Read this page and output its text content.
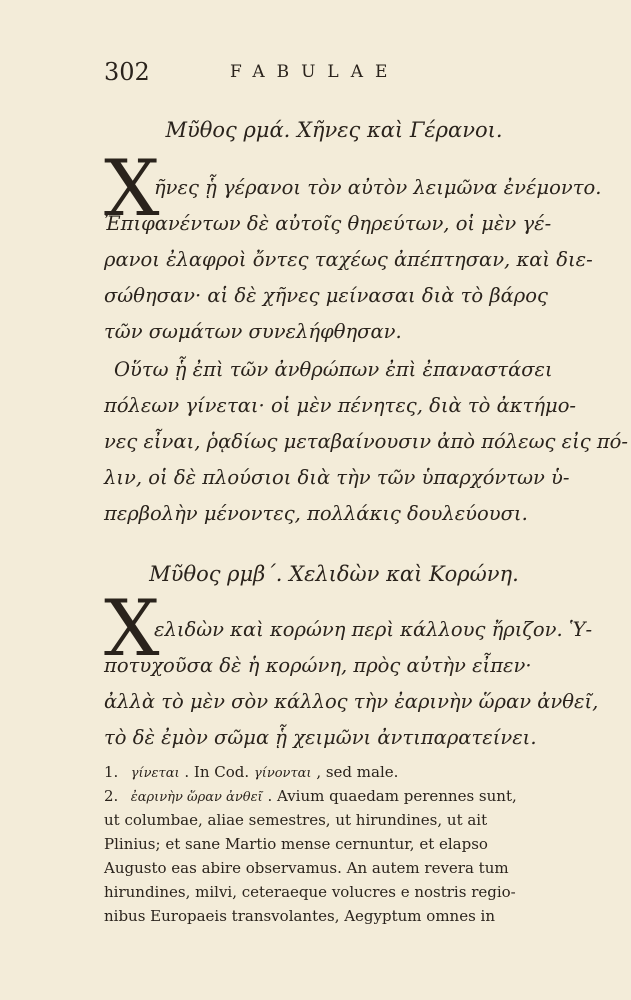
302	FABULAE
Μῦθος ρμά. Χῆνες καὶ Γέρανοι.
Χ
ῆνες ᾗ γέρανοι τὸν αὐτὸν λειμῶνα ἐνέμοντο.
Ἐπιφανέντων δὲ αὐτοῖς θηρεύτων, οἱ μὲν γέ-
ρανοι ἐλαφροὶ ὄντες ταχέως ἀπέπτησαν, καὶ διε-
σώθησαν· αἱ δὲ χῆνες μείνασαι διὰ τὸ βάρος
τῶν σωμάτων συνελήφθησαν.
Οὕτω ᾗ ἐπὶ τῶν ἀνθρώπων ἐπὶ ἐπαναστάσει
πόλεων γίνεται· οἱ μὲν πένητες, διὰ τὸ ἀκτήμο-
νες εἶναι, ῥᾳδίως μεταβαίνουσιν ἀπὸ πόλεως εἰς πό-
λιν, οἱ δὲ πλούσιοι διὰ τὴν τῶν ὑπαρχόντων ὑ-
περβολὴν μένοντες, πολλάκις δουλεύουσι.
Μῦθος ρμβ΄. Χελιδὼν καὶ Κορώνη.
Χ
ελιδὼν καὶ κορώνη περὶ κάλλους ἤριζον. Ὑ-
ποτυχοῦσα δὲ ἡ κορώνη, πρὸς αὐτὴν εἶπεν·
ἀλλὰ τὸ μὲν σὸν κάλλος τὴν ἐαρινὴν ὥραν ἀνθεῖ,
τὸ δὲ ἐμὸν σῶμα ᾗ χειμῶνι ἀντιπαρατείνει.
1. γίνεται . In Cod. γίνονται , sed male.
2. ἐαρινὴν ὥραν ἀνθεῖ . Avium quaedam perennes sunt,
ut columbae, aliae semestres, ut hirundines, ut ait
Plinius; et sane Martio mense cernuntur, et elapso
Augusto eas abire observamus. An autem revera tum
hirundines, milvi, ceteraeque volucres e nostris regio-
nibus Europaeis transvolantes, Aegyptum omnes in
